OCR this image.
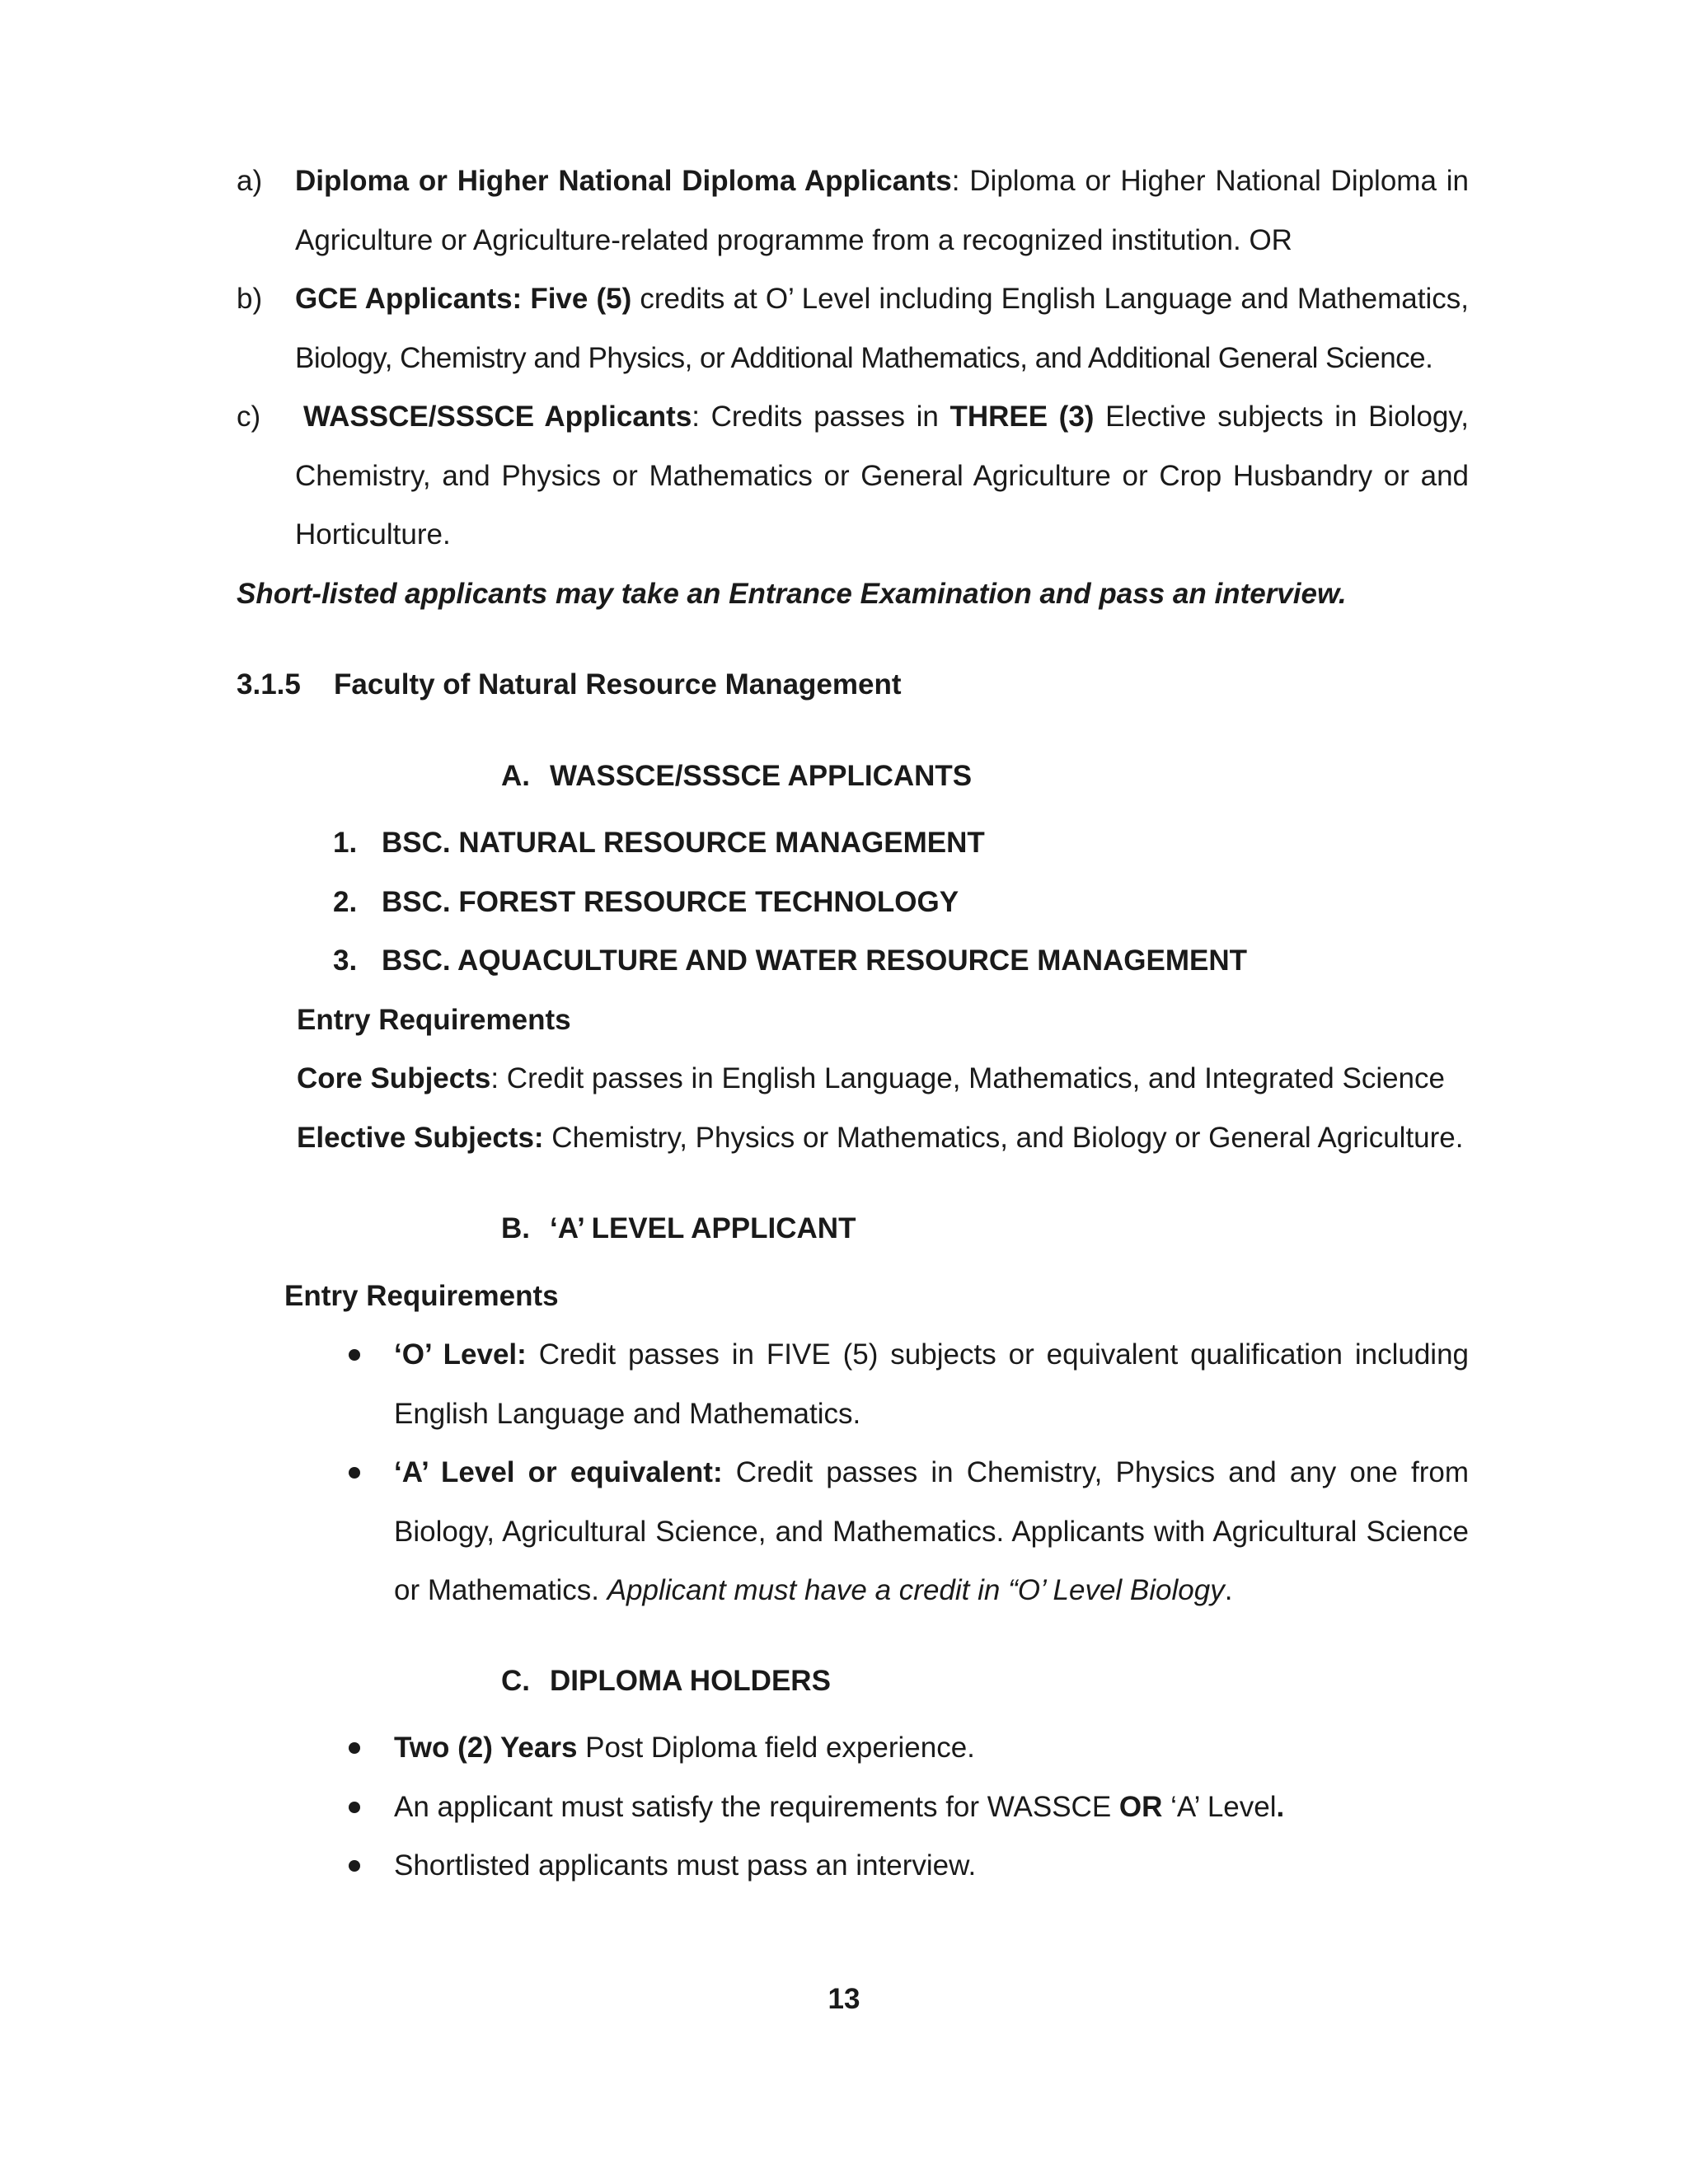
a) Diploma or Higher National Diploma Applicants: Diploma or Higher National Diploma in

Agriculture or Agriculture-related programme from a recognized institution. OR

b) GCE Applicants: Five (5) credits at O’ Level including English Language and Mathematics,

Biology, Chemistry and Physics, or Additional Mathematics, and Additional General Science.

c) WASSCE/SSSCE Applicants: Credits passes in THREE (3) Elective subjects in Biology,

Chemistry, and Physics or Mathematics or General Agriculture or Crop Husbandry or and

Horticulture.

Short-listed applicants may take an Entrance Examination and pass an interview.

3.1.5 Faculty of Natural Resource Management

A. WASSCE/SSSCE APPLICANTS
1. BSC. NATURAL RESOURCE MANAGEMENT
2. BSC. FOREST RESOURCE TECHNOLOGY
3. BSC. AQUACULTURE AND WATER RESOURCE MANAGEMENT

Entry Requirements

Core Subjects: Credit passes in English Language, Mathematics, and Integrated Science

Elective Subjects: Chemistry, Physics or Mathematics, and Biology or General Agriculture.

B. ‘A’ LEVEL APPLICANT

Entry Requirements

‘O’ Level: Credit passes in FIVE (5) subjects or equivalent qualification including

English Language and Mathematics.

‘A’ Level or equivalent: Credit passes in Chemistry, Physics and any one from

Biology, Agricultural Science, and Mathematics. Applicants with Agricultural Science

or Mathematics. Applicant must have a credit in “O’ Level Biology.

C. DIPLOMA HOLDERS

Two (2) Years Post Diploma field experience.

An applicant must satisfy the requirements for WASSCE OR ‘A’ Level.

Shortlisted applicants must pass an interview.

13
